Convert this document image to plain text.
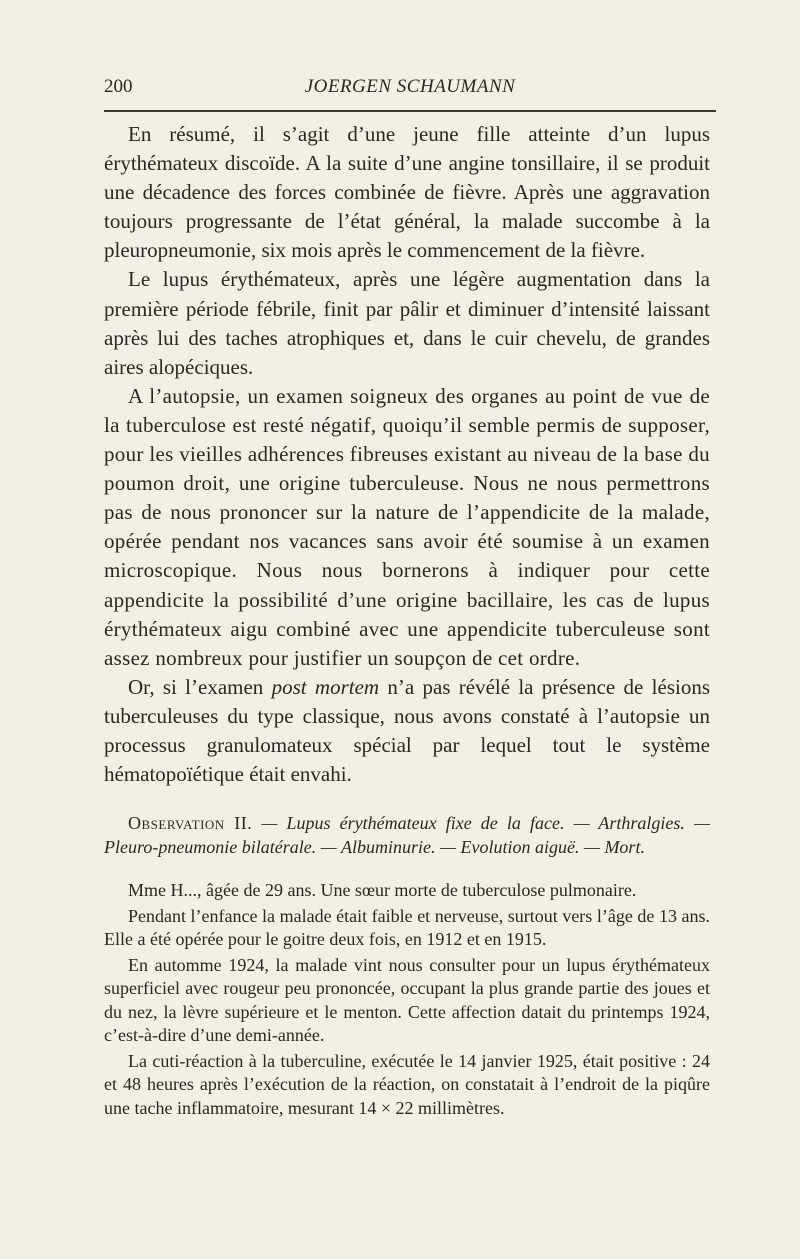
200	JOERGEN SCHAUMANN

En résumé, il s’agit d’une jeune fille atteinte d’un lupus érythémateux discoïde. A la suite d’une angine tonsillaire, il se produit une décadence des forces combinée de fièvre. Après une aggravation toujours progressante de l’état général, la malade succombe à la pleuropneumonie, six mois après le commencement de la fièvre.

Le lupus érythémateux, après une légère augmentation dans la première période fébrile, finit par pâlir et diminuer d’intensité laissant après lui des taches atrophiques et, dans le cuir chevelu, de grandes aires alopéciques.

A l’autopsie, un examen soigneux des organes au point de vue de la tuberculose est resté négatif, quoiqu’il semble permis de supposer, pour les vieilles adhérences fibreuses existant au niveau de la base du poumon droit, une origine tuberculeuse. Nous ne nous permettrons pas de nous prononcer sur la nature de l’appendicite de la malade, opérée pendant nos vacances sans avoir été soumise à un examen microscopique. Nous nous bornerons à indiquer pour cette appendicite la possibilité d’une origine bacillaire, les cas de lupus érythémateux aigu combiné avec une appendicite tuberculeuse sont assez nombreux pour justifier un soupçon de cet ordre.

Or, si l’examen post mortem n’a pas révélé la présence de lésions tuberculeuses du type classique, nous avons constaté à l’autopsie un processus granulomateux spécial par lequel tout le système hématopoïétique était envahi.

Observation II. — Lupus érythémateux fixe de la face. — Arthralgies. — Pleuro-pneumonie bilatérale. — Albuminurie. — Evolution aiguë. — Mort.

Mme H..., âgée de 29 ans. Une sœur morte de tuberculose pulmonaire.

Pendant l’enfance la malade était faible et nerveuse, surtout vers l’âge de 13 ans. Elle a été opérée pour le goitre deux fois, en 1912 et en 1915.

En automme 1924, la malade vint nous consulter pour un lupus érythémateux superficiel avec rougeur peu prononcée, occupant la plus grande partie des joues et du nez, la lèvre supérieure et le menton. Cette affection datait du printemps 1924, c’est-à-dire d’une demi-année.

La cuti-réaction à la tuberculine, exécutée le 14 janvier 1925, était positive : 24 et 48 heures après l’exécution de la réaction, on constatait à l’endroit de la piqûre une tache inflammatoire, mesurant 14 × 22 millimètres.
